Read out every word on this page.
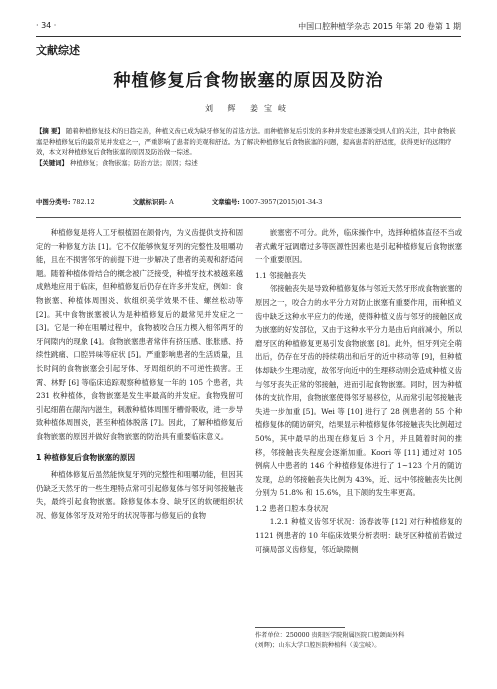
· 34 ·	中国口腔种植学杂志 2015 年第 20 卷第 1 期
文献综述
种植修复后食物嵌塞的原因及防治
刘 辉 姜宝岐
【摘 要】 随着种植修复技术的日趋完善，种植义齿已成为缺牙修复的首选方法。而种植修复后引发的多种并发症也逐渐受到人们的关注，其中食物嵌塞是种植修复后的最常见并发症之一，严重影响了患者的美观和舒适。为了解决种植修复后食物嵌塞的问题，提高患者的舒适度，获得更好的远期疗效，本文对种植修复后食物嵌塞的原因及防治做一综述。
【关键词】 种植修复；食物嵌塞；防治方法；原因；综述
中图分类号: 782.12	文献标识码: A	文章编号: 1007-3957(2015)01-34-3

种植修复是将人工牙根植固在颌骨内，为义齿提供支持和固定的一种修复方法 [1]。它不仅能够恢复牙列的完整性及咀嚼功能，且在不损害邻牙的前提下进一步解决了患者的美观和舒适问题。随着种植体骨结合的概念被广泛接受，种植牙技术被越来越成熟地应用于临床，但种植修复后仍存在许多并发症，例如：食物嵌塞、种植体周围炎、软组织美学效果不佳、螺丝松动等 [2]。其中食物嵌塞被认为是种植修复后的最常见并发症之一 [3]。它是一种在咀嚼过程中，食物被咬合压力楔入相邻两牙的牙间隙内的现象 [4]。食物嵌塞患者常伴有挤压感、胀胀感、持续性跳痛、口腔异味等症状 [5]。严重影响患者的生活质量，且长时间的食物嵌塞会引起牙体、牙周组织的不可逆性损害。王霄、林野 [6] 等临床追踪观察种植修复一年的 105 个患者，共 231 枚种植体，食物嵌塞是发生率最高的并发症。食物残留可引起细菌在龈沟内滋生，刺激种植体周围牙槽骨吸收，进一步导致种植体周围炎，甚至种植体脱落 [7]。因此，了解种植修复后食物嵌塞的原因并做好食物嵌塞的防治具有重要临床意义。

1 种植修复后食物嵌塞的原因

种植体修复后虽然能恢复牙列的完整性和咀嚼功能，但因其仍缺乏天然牙的一些生理特点常可引起修复体与邻牙间邻接触丧失，最终引起食物嵌塞。除修复体本身、缺牙区的软硬组织状况、修复体邻牙及对殆牙的状况等都与修复后的食物

嵌塞密不可分。此外，临床操作中，选择种植体直径不当或者式戴牙冠调磨过多等医源性因素也是引起种植修复后食物嵌塞一个重要原因。

1.1 邻接触丧失

邻接触丧失是导致种植修复体与邻近天然牙形成食物嵌塞的原因之一，咬合力的水平分力对防止嵌塞有重要作用，而种植义齿中缺乏这种水平应力的传递，使得种植义齿与邻牙的接触区成为嵌塞的好发部位，又由于这种水平分力是由后向前减小，所以磨牙区的种植修复更易引发食物嵌塞 [8]。此外，恒牙列完全萌出后，仍存在牙齿的持续萌出和后牙的近中移动等 [9]，但种植体却缺少生理动度，故邻牙向近中的生理移动则会造成种植义齿与邻牙丧失正常的邻接触，进而引起食物嵌塞。同时，因为种植体的支抗作用，食物嵌塞使得邻牙易移位，从而常引起邻接触丧失进一步加重 [5]。Wei 等 [10] 进行了 28 例患者的 55 个种植修复体的随访研究，结果显示种植修复体邻接触丧失比例超过 50%，其中最早的出现在修复后 3 个月，并且随着时间的推移，邻接触丧失程度会逐渐加重。Koori 等 [11] 通过对 105 例病人中患者的 146 个种植修复体进行了 1~123 个月的随访发现，总的邻接触丧失比例为 43%，近、远中邻接触丧失比例分别为 51.8% 和 15.6%，且下颌的发生率更高。

1.2 患者口腔本身状况

1.2.1 种植义齿邻牙状况：汤春波等 [12] 对行种植修复的 1121 例患者的 10 年临床效果分析表明：缺牙区种植前若做过可摘局部义齿修复，邻近缺隙侧

作者单位：250000 贵阳医学院附属医院口腔颌面外科
(刘辉)；山东大学口腔医院种植科（姜宝岐）。
